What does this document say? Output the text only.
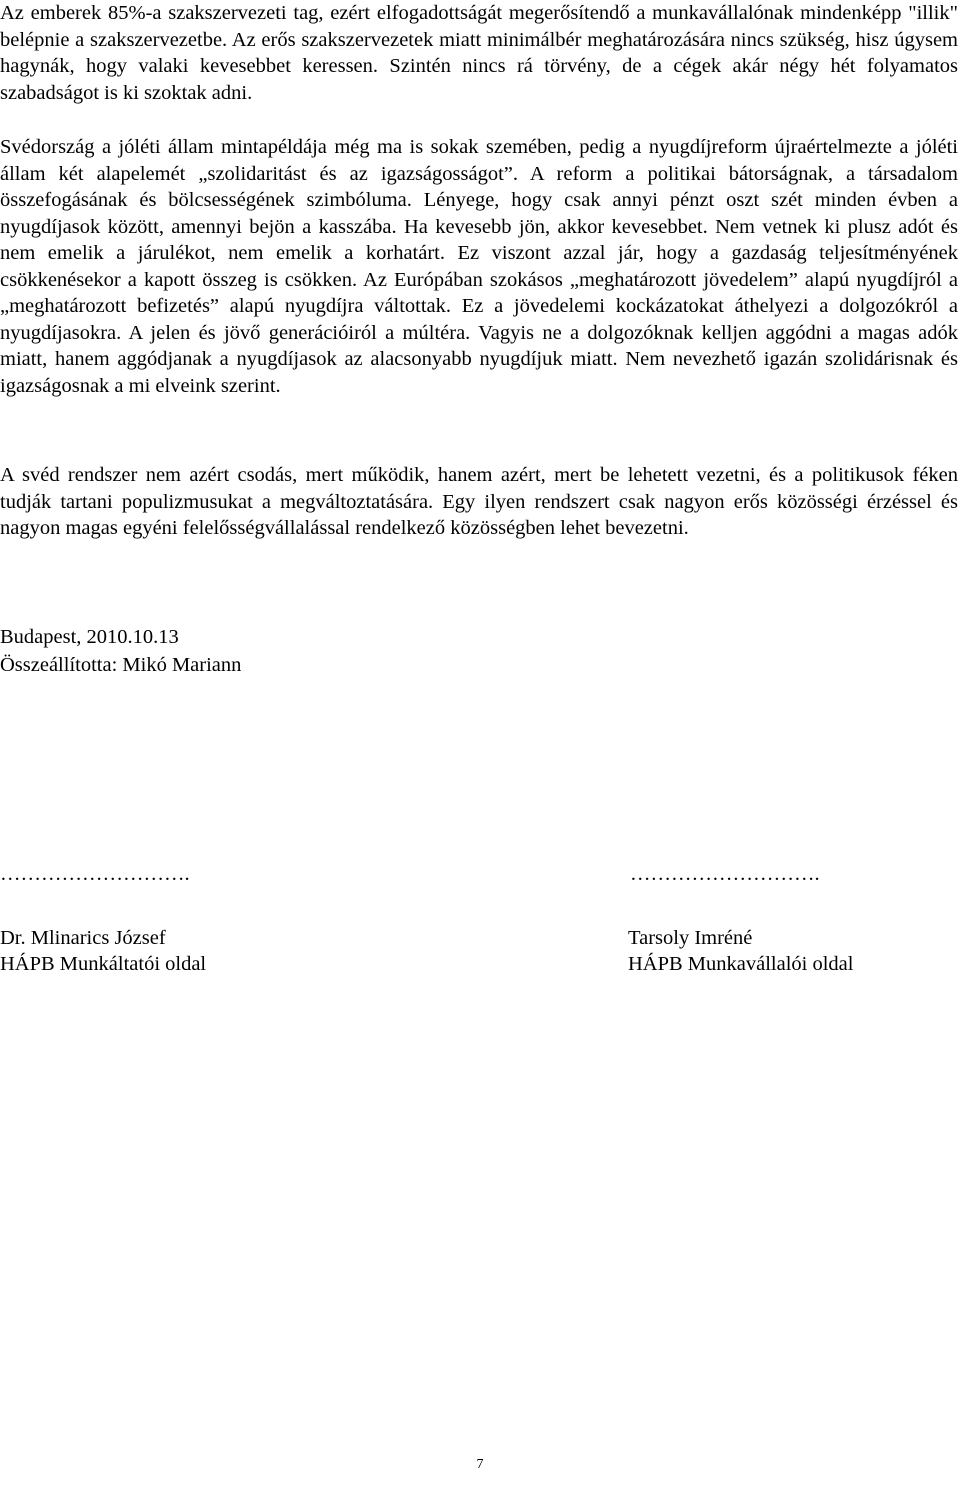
Az emberek 85%-a szakszervezeti tag, ezért elfogadottságát megerősítendő a munkavállalónak mindenképp "illik" belépnie a szakszervezetbe. Az erős szakszervezetek miatt minimálbér meghatározására nincs szükség, hisz úgysem hagynák, hogy valaki kevesebbet keressen. Szintén nincs rá törvény, de a cégek akár négy hét folyamatos szabadságot is ki szoktak adni.

Svédország a jóléti állam mintapéldája még ma is sokak szemében, pedig a nyugdíjreform újraértelmezte a jóléti állam két alapelemét „szolidaritást és az igazságosságot”. A reform a politikai bátorságnak, a társadalom összefogásának és bölcsességének szimbóluma. Lényege, hogy csak annyi pénzt oszt szét minden évben a nyugdíjasok között, amennyi bejön a kasszába. Ha kevesebb jön, akkor kevesebbet. Nem vetnek ki plusz adót és nem emelik a járulékot, nem emelik a korhatárt. Ez viszont azzal jár, hogy a gazdaság teljesítményének csökkenésekor a kapott összeg is csökken. Az Európában szokásos „meghatározott jövedelem” alapú nyugdíjról a „meghatározott befizetés” alapú nyugdíjra váltottak. Ez a jövedelemi kockázatokat áthelyezi a dolgozókról a nyugdíjasokra. A jelen és jövő generációiról a múltéra. Vagyis ne a dolgozóknak kelljen aggódni a magas adók miatt, hanem aggódjanak a nyugdíjasok az alacsonyabb nyugdíjuk miatt. Nem nevezhető igazán szolidárisnak és igazságosnak a mi elveink szerint.

A svéd rendszer nem azért csodás, mert működik, hanem azért, mert be lehetett vezetni, és a politikusok féken tudják tartani populizmusukat a megváltoztatására. Egy ilyen rendszert csak nagyon erős közösségi érzéssel és nagyon magas egyéni felelősségvállalással rendelkező közösségben lehet bevezetni.

Budapest, 2010.10.13

Összeállította: Mikó Mariann

……………………….

Dr. Mlinarics József

HÁPB Munkáltatói oldal

……………………….

Tarsoly Imréné

HÁPB Munkavállalói oldal

7
